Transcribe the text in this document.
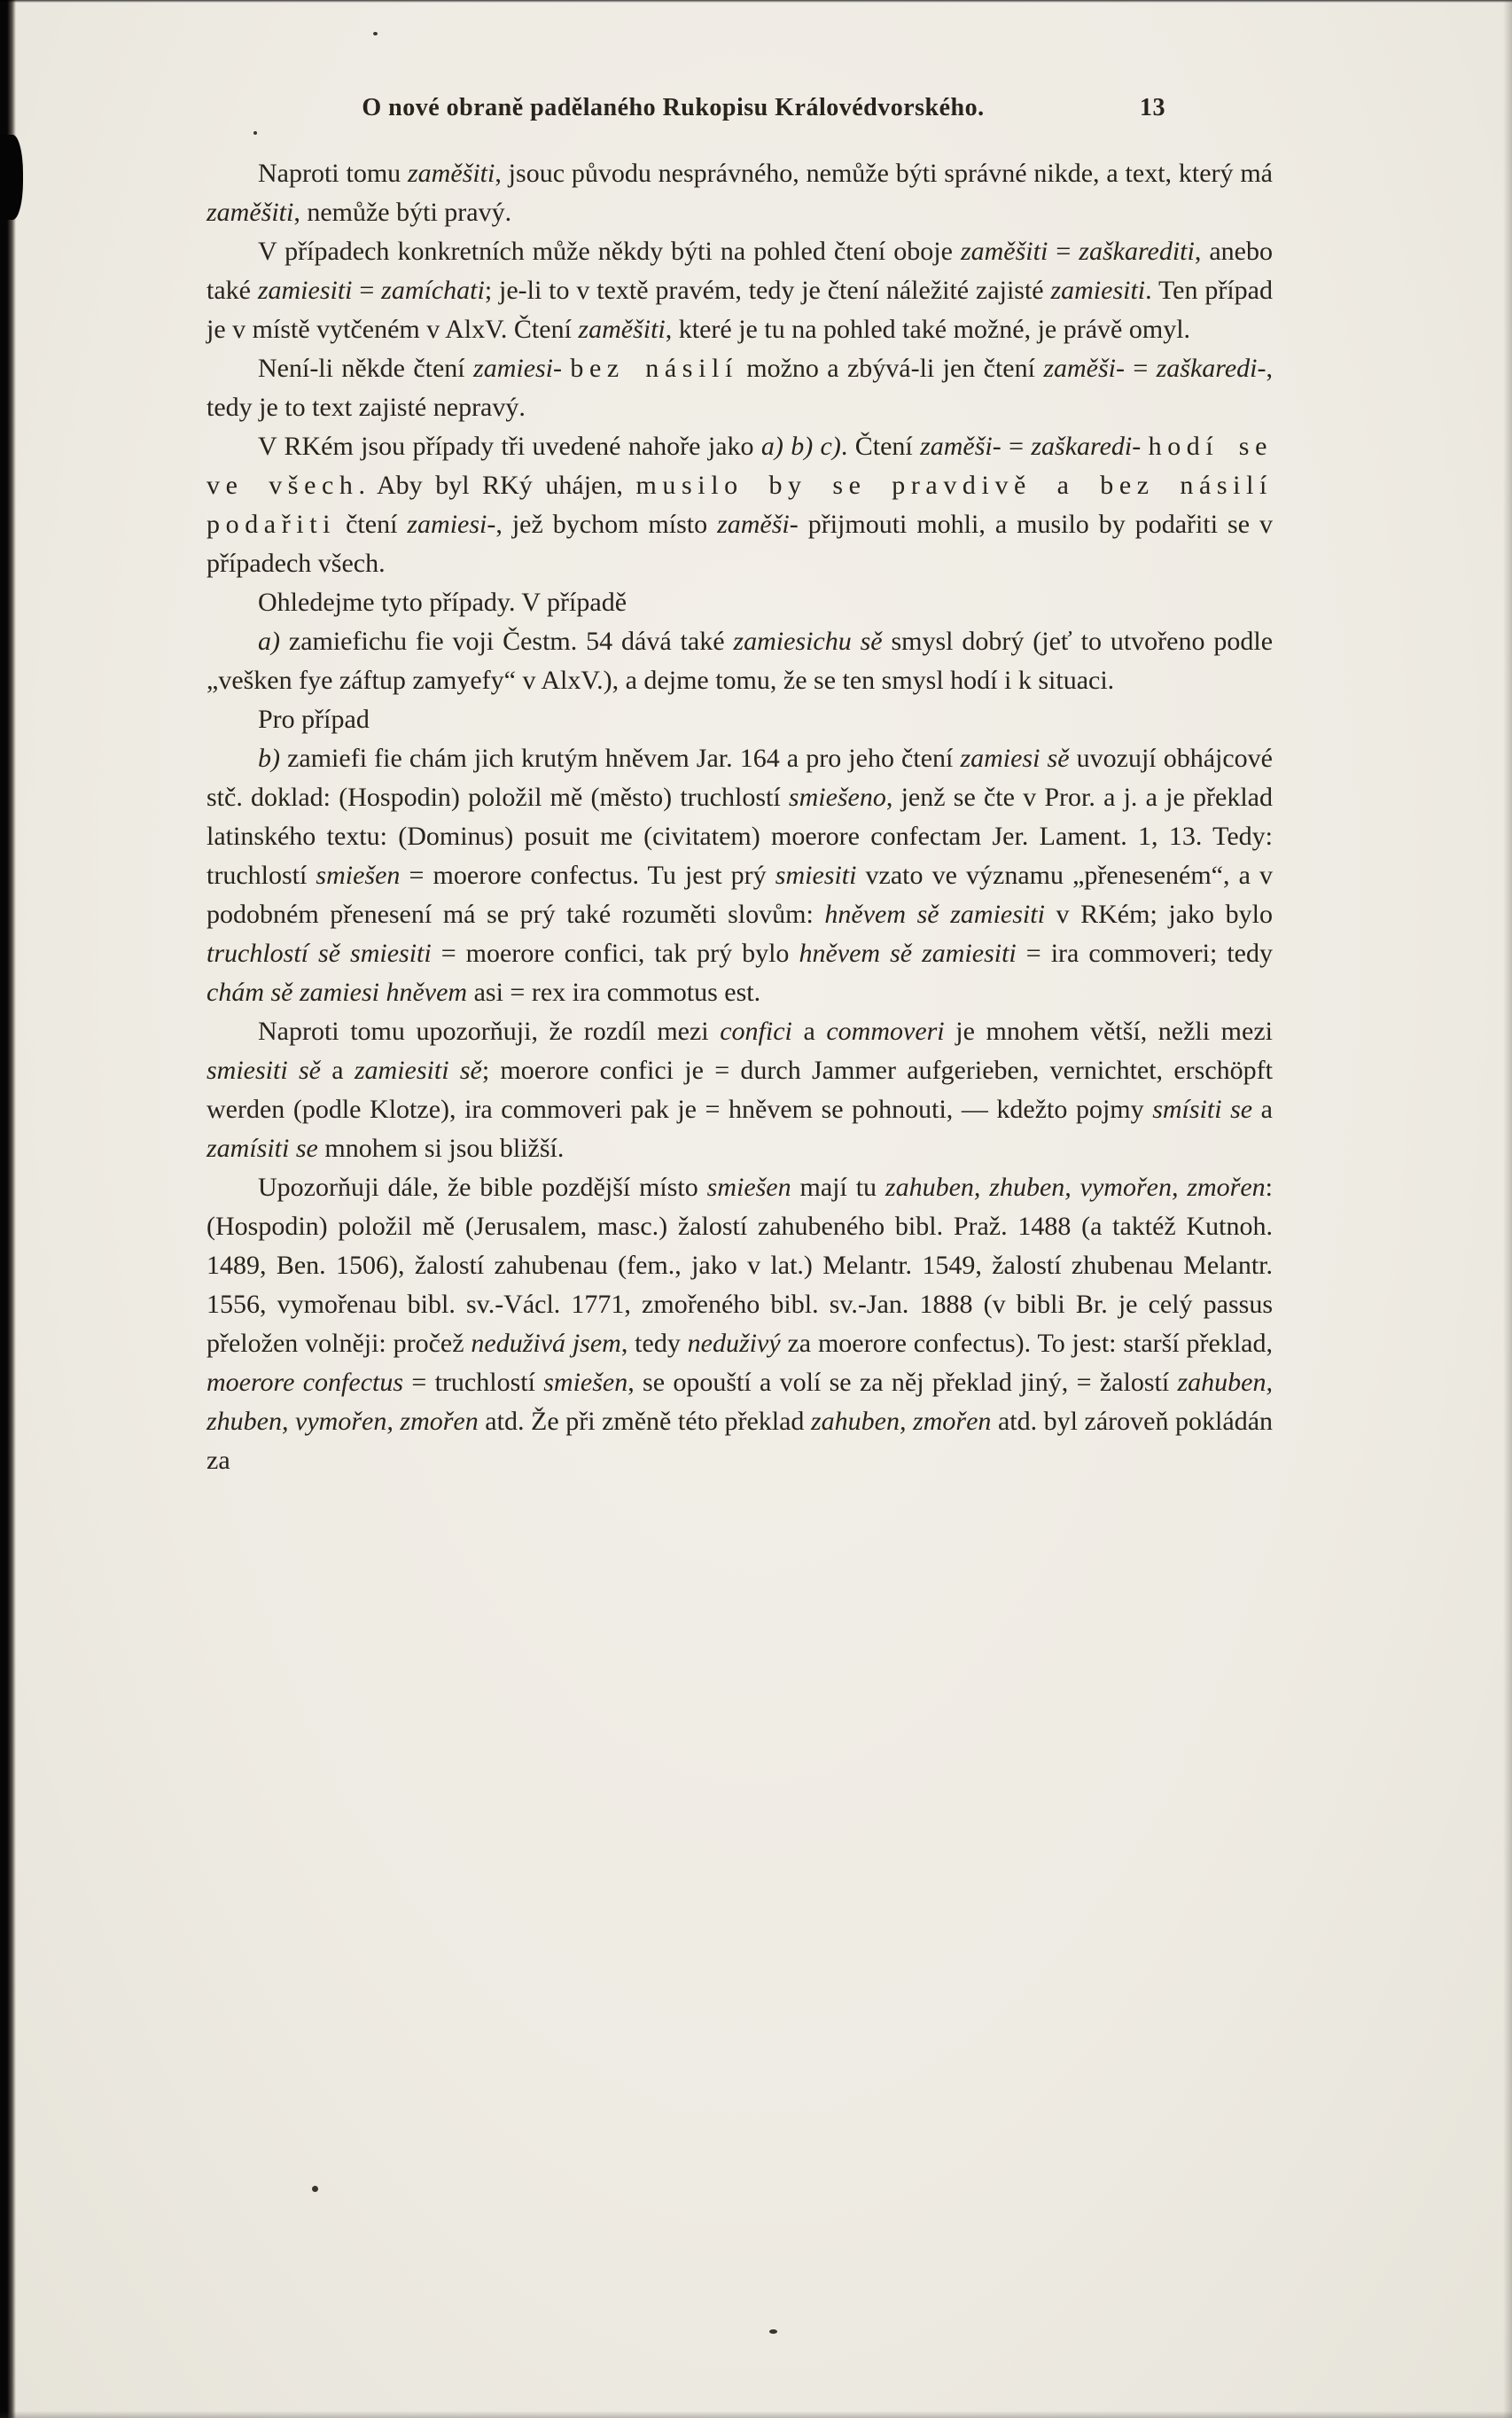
O nové obraně padělaného Rukopisu Královédvorského.	13

Naproti tomu zaměšiti, jsouc původu nesprávného, nemůže býti správné nikde, a text, který má zaměšiti, nemůže býti pravý.

V případech konkretních může někdy býti na pohled čtení oboje zaměšiti = zaškarediti, anebo také zamiesiti = zamíchati; je-li to v textě pravém, tedy je čtení náležité zajisté zamiesiti. Ten případ je v místě vytčeném v AlxV. Čtení zaměšiti, které je tu na pohled také možné, je právě omyl.

Není-li někde čtení zamiesi- bez násilí možno a zbývá-li jen čtení zaměši- = zaškaredi-, tedy je to text zajisté nepravý.

V RKém jsou případy tři uvedené nahoře jako a) b) c). Čtení zaměši- = zaškaredi- hodí se ve všech. Aby byl RKý uhájen, musilo by se pravdivě a bez násilí podařiti čtení zamiesi-, jež bychom místo zaměši- přijmouti mohli, a musilo by podařiti se v případech všech.

Ohledejme tyto případy. V případě

a) zamiefichu fie voji Čestm. 54 dává také zamiesichu sě smysl dobrý (jeť to utvořeno podle „vešken fye záftup zamyefy“ v AlxV.), a dejme tomu, že se ten smysl hodí i k situaci.

Pro případ

b) zamiefi fie chám jich krutým hněvem Jar. 164 a pro jeho čtení zamiesi sě uvozují obhájcové stč. doklad: (Hospodin) položil mě (město) truchlostí smiešeno, jenž se čte v Pror. a j. a je překlad latinského textu: (Dominus) posuit me (civitatem) moerore confectam Jer. Lament. 1, 13. Tedy: truchlostí smiešen = moerore confectus. Tu jest prý smiesiti vzato ve významu „přeneseném“, a v podobném přenesení má se prý také rozuměti slovům: hněvem sě zamiesiti v RKém; jako bylo truchlostí sě smiesiti = moerore confici, tak prý bylo hněvem sě zamiesiti = ira commoveri; tedy chám sě zamiesi hněvem asi = rex ira commotus est.

Naproti tomu upozorňuji, že rozdíl mezi confici a commoveri je mnohem větší, nežli mezi smiesiti sě a zamiesiti sě; moerore confici je = durch Jammer aufgerieben, vernichtet, erschöpft werden (podle Klotze), ira commoveri pak je = hněvem se pohnouti, — kdežto pojmy smísiti se a zamísiti se mnohem si jsou bližší.

Upozorňuji dále, že bible pozdější místo smiešen mají tu zahuben, zhuben, vymořen, zmořen: (Hospodin) položil mě (Jerusalem, masc.) žalostí zahubeného bibl. Praž. 1488 (a taktéž Kutnoh. 1489, Ben. 1506), žalostí zahubenau (fem., jako v lat.) Melantr. 1549, žalostí zhubenau Melantr. 1556, vymořenau bibl. sv.-Václ. 1771, zmořeného bibl. sv.-Jan. 1888 (v bibli Br. je celý passus přeložen volněji: pročež neduživá jsem, tedy neduživý za moerore confectus). To jest: starší překlad, moerore confectus = truchlostí smiešen, se opouští a volí se za něj překlad jiný, = žalostí zahuben, zhuben, vymořen, zmořen atd. Že při změně této překlad zahuben, zmořen atd. byl zároveň pokládán za
